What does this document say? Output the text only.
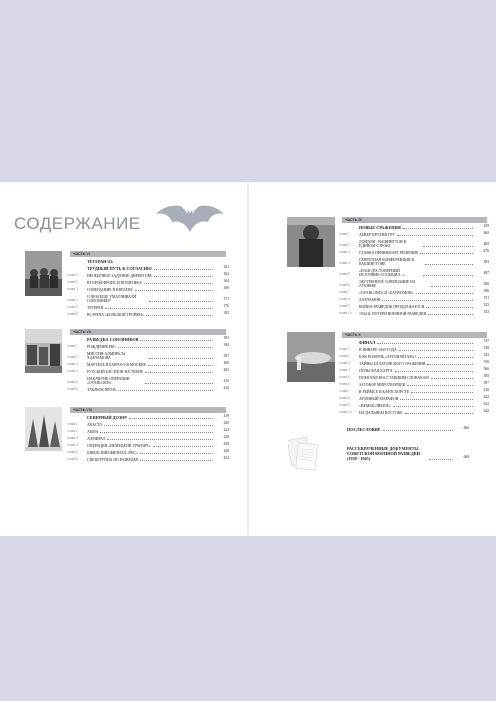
СОДЕРЖАНИЕ
ЧАСТЬ VI
ТЕГЕРАН-43:
ТРУДНЫЙ ПУТЬ К СОГЛАСИЮ	361
глава 1	НЕОБЫЧНОЕ ЗАДАНИЕ ДИРЕКТОРА	362
глава 2	ВТОРОЙ ФРОНТ И ПОЛИТИКА	364
глава 3	СОВЕЩАНИЕ В КВЕБЕКЕ	369
глава 4
О ЧЕМ ЕЩЕ УМАЛЧИВАЛИ СОЮЗНИКИ?	371
глава 5	ТЕГЕРАН	376
глава 6	ВСТРЕЧА «БОЛЬШОЙ ТРОЙКИ»	392
ЧАСТЬ VII
РАЗВЕДКА СОЮЗНИКОВ	393
глава 1	РОЖДЕНИЕ РКС	394
глава 2
МИССИЯ АДМИРАЛА ХАРЛАМОВА	397
глава 3	МАРТЕЛЬ И БАРРОУЗ В МОСКВЕ	400
глава 4	РУССКИЙ БАСТИОН НА ТЕМЗЕ	403
глава 5
НАКАНУНЕ ОПЕРАЦИИ «OVERLORD»	410
глава 6	ТАБАЧОК ВРОЗЬ	416
ЧАСТЬ VIII
СЕВЕРНЫЙ ДОЗОР	419
глава 1	АКАСТО	420
глава 2	АКМА	424
глава 3	АДМИРАЛ	428
глава 4	ОПЕРАЦИЯ «НЕМЕЦКИЙ ТРАНЗИТ»	438
глава 5	ШВЕДСКИЙ ФИЛИАЛ «РКС»	448
глава 6	СПЕЦГРУППА ПО РАЗВЕДКЕ	454
ЧАСТЬ IX
НОВЫЕ СРАЖЕНИЯ	459
глава 1	АБВЕР ПРОТИВ ГРУ	460
глава 2
ЛОНДОН - ВАШИНГТОН В ЕДИНОМ СТРОЮ	469
глава 3	СТАВКА ПРИНИМАЕТ РЕШЕНИЕ	476
глава 4
СЕКРЕТНАЯ КОНФЕРЕНЦИЯ В ВАШИНГТОНЕ	483
глава 5
«НАШ ДОСТОВЕРНЫЙ ИСТОЧНИК СООБЩИЛ...»	487
глава 6
ЭКСТРЕННОЕ СОВЕЩАНИЕ НА ЛУБЯНКЕ	500
глава 7	«OVERLORD» И «БАГРАТИОН»	506
глава 8	ХАРЛАМОВ	511
глава 9	ВОЙНА РАЗВЕДОК ПРОДОЛЖАЕТСЯ	523
глава 10	1944-й: ПОТЕРИ ВОЕННОЙ РАЗВЕДКИ	533
ЧАСТЬ X
ФИНАЛ	537
глава 1	В ЯНВАРЕ 1945 ГОДА	538
глава 2	КАК ПОМОЧЬ «АРГОНАВТАМ»?	543
глава 3	ТАЙНЫ БАЛАТОНСКОГО СРАЖЕНИЯ	556
глава 4	ПОЛЬСКАЯ КАРТА	566
глава 5	ПОМОГАЯ ВОССТАВШИМ СЛОВАКАМ	585
глава 6	ЗАГОВОР МИРОТВОРЦЕВ	597
глава 7	В РЕЙМСЕ И КАРЛСХОРСТЕ	610
глава 8	АТОМНЫЙ МАРАФОН	622
глава 9	«НЕМЫСЛИМОЕ»	632
глава 10	НА ДАЛЬНЕМ ВОСТОКЕ	642
ПОСЛЕСЛОВИЕ	666
РАССЕКРЕЧЕННЫЕ ДОКУМЕНТЫ СОВЕТСКОЙ ВОЕННОЙ РАЗВЕДКИ (1938 - 1945)	668
